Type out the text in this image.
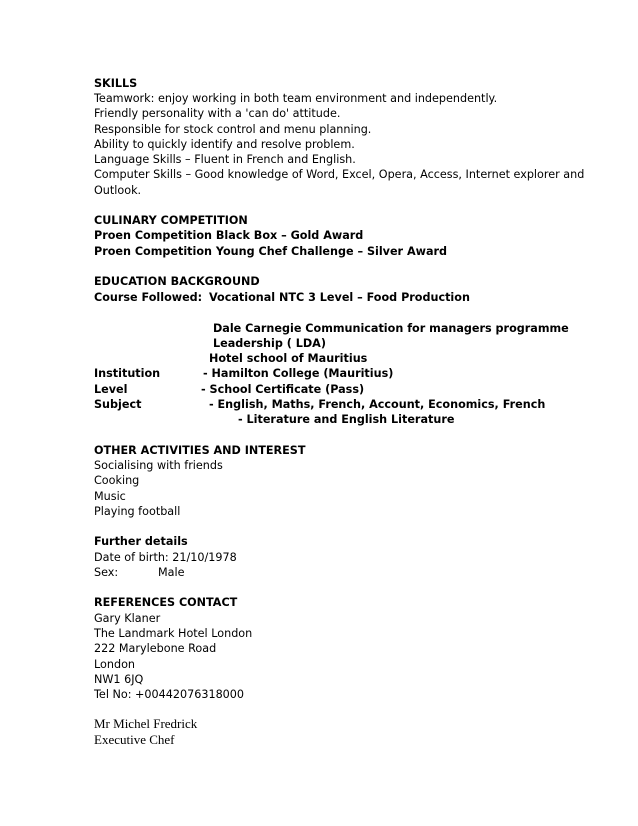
SKILLS
Teamwork: enjoy working in both team environment and independently.
Friendly personality with a 'can do' attitude.
Responsible for stock control and menu planning.
Ability to quickly identify and resolve problem.
Language Skills – Fluent in French and English.
Computer Skills – Good knowledge of Word, Excel, Opera, Access, Internet explorer and
Outlook.
CULINARY COMPETITION
Proen Competition Black Box – Gold Award
Proen Competition Young Chef Challenge – Silver Award
EDUCATION BACKGROUND
Course Followed: Vocational NTC 3 Level – Food Production
Dale Carnegie Communication for managers programme
Leadership ( LDA)
Hotel school of Mauritius
Institution	- Hamilton College (Mauritius)
Level	- School Certificate (Pass)
Subject	- English, Maths, French, Account, Economics, French
- Literature and English Literature
OTHER ACTIVITIES AND INTEREST
Socialising with friends
Cooking
Music
Playing football
Further details
Date of birth: 21/10/1978
Sex:	Male
REFERENCES CONTACT
Gary Klaner
The Landmark Hotel London
222 Marylebone Road
London
NW1 6JQ
Tel No: +00442076318000
Mr Michel Fredrick
Executive Chef
